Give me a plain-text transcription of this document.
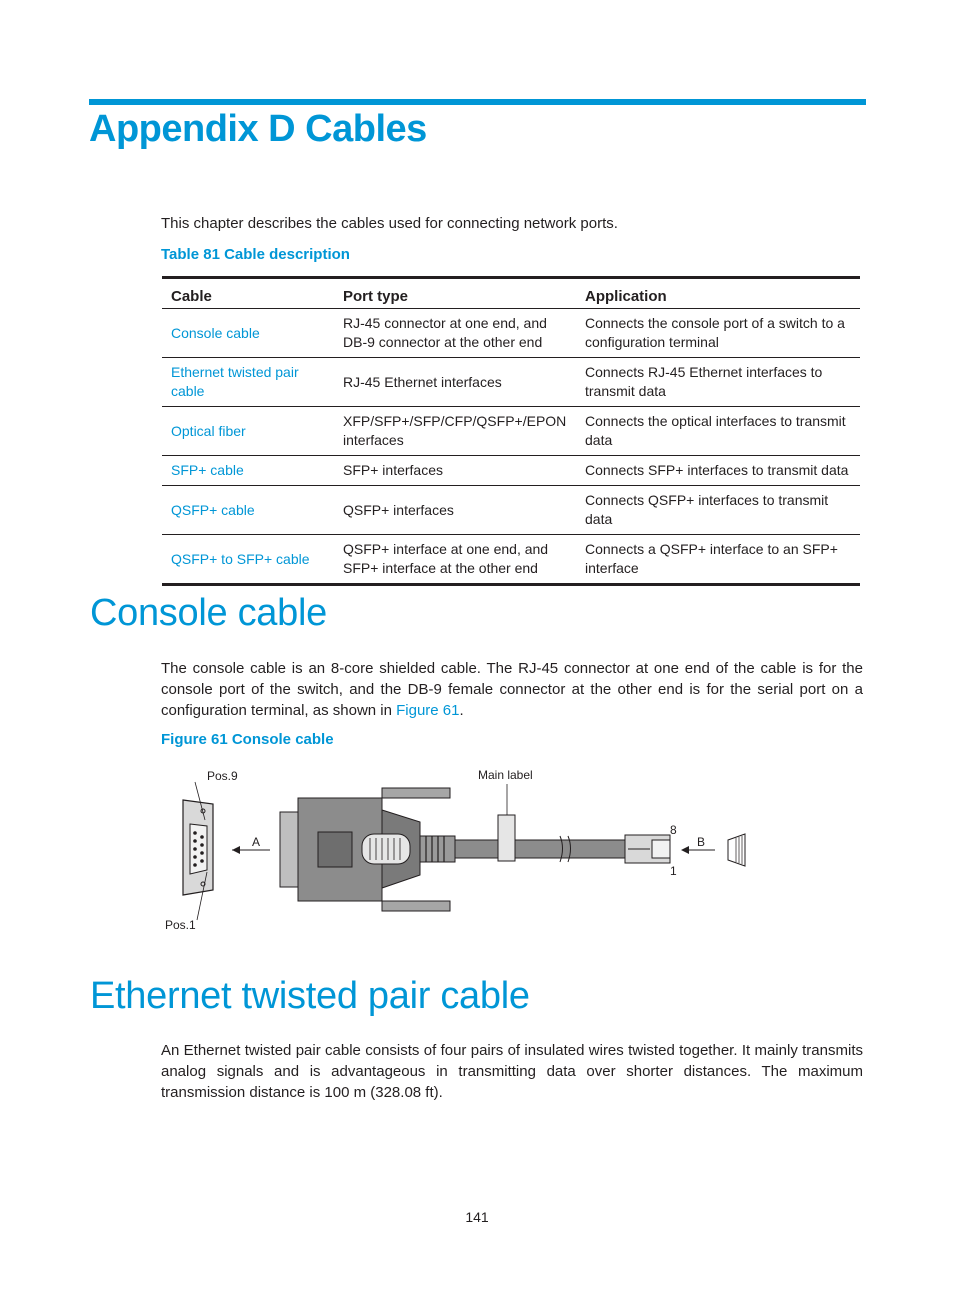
Appendix D Cables

This chapter describes the cables used for connecting network ports.

Table 81 Cable description

Cable	Port type	Application
Console cable	RJ-45 connector at one end, and DB-9 connector at the other end	Connects the console port of a switch to a configuration terminal
Ethernet twisted pair cable	RJ-45 Ethernet interfaces	Connects RJ-45 Ethernet interfaces to transmit data
Optical fiber	XFP/SFP+/SFP/CFP/QSFP+/EPON interfaces	Connects the optical interfaces to transmit data
SFP+ cable	SFP+ interfaces	Connects SFP+ interfaces to transmit data
QSFP+ cable	QSFP+ interfaces	Connects QSFP+ interfaces to transmit data
QSFP+ to SFP+ cable	QSFP+ interface at one end, and SFP+ interface at the other end	Connects a QSFP+ interface to an SFP+ interface
Console cable

The console cable is an 8-core shielded cable. The RJ-45 connector at one end of the cable is for the console port of the switch, and the DB-9 female connector at the other end is for the serial port on a configuration terminal, as shown in Figure 61.

Figure 61 Console cable

Pos.9
Pos.1
A
Main label
8
1
B
Ethernet twisted pair cable

An Ethernet twisted pair cable consists of four pairs of insulated wires twisted together. It mainly transmits analog signals and is advantageous in transmitting data over shorter distances. The maximum transmission distance is 100 m (328.08 ft).

141
